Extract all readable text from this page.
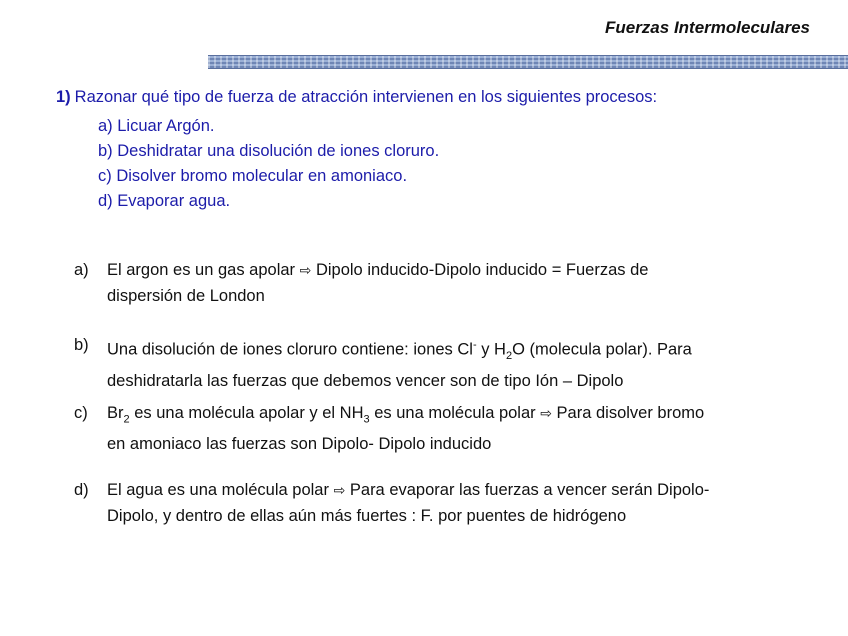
Fuerzas Intermoleculares
1) Razonar qué tipo de fuerza de atracción intervienen en los siguientes procesos:
a) Licuar Argón.
b) Deshidratar una disolución de iones cloruro.
c) Disolver bromo molecular en amoniaco.
d) Evaporar agua.
a) El argon es un gas apolar ⇨ Dipolo inducido-Dipolo inducido = Fuerzas de
dispersión de London
b) Una disolución de iones cloruro contiene: iones Cl- y $H_2O$ (molecula polar). Para
deshidratarla las fuerzas que debemos vencer son de tipo Ión – Dipolo
c) $Br_2$ es una molécula apolar y el $NH_3$ es una molécula polar ⇨ Para disolver bromo
en amoniaco las fuerzas son Dipolo- Dipolo inducido
d) El agua es una molécula polar ⇨ Para evaporar las fuerzas a vencer serán Dipolo-
Dipolo, y dentro de ellas aún más fuertes : F. por puentes de hidrógeno
